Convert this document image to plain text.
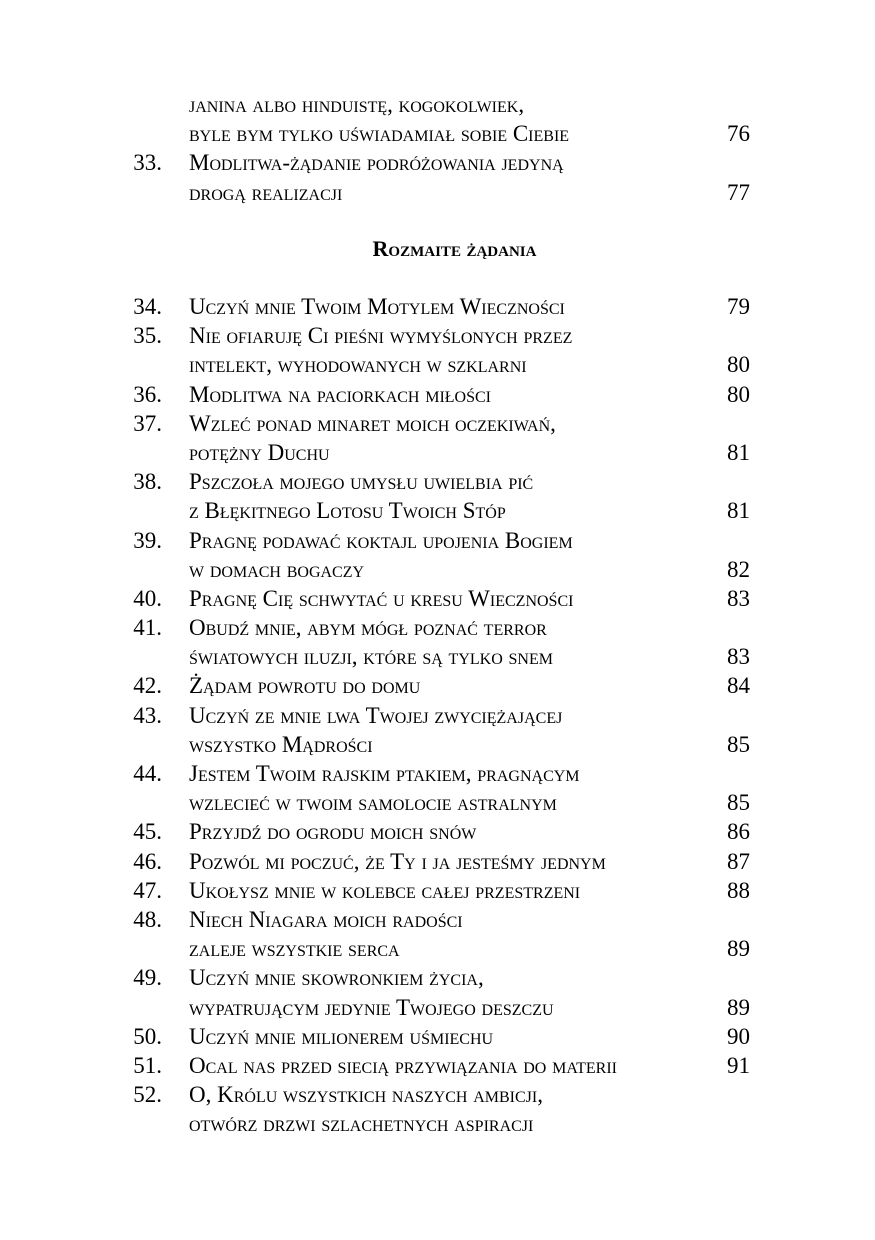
janina albo hinduistę, kogokolwiek,
byle bym tylko uświadamiał sobie Ciebie	76
33. Modlitwa-żądanie podróżowania jedyną
drogą realizacji	77
Rozmaite żądania
34. Uczyń mnie Twoim Motylem Wieczności	79
35. Nie ofiaruję Ci pieśni wymyślonych przez
intelekt, wyhodowanych w szklarni	80
36. Modlitwa na paciorkach miłości	80
37. Wzleć ponad minaret moich oczekiwań,
potężny Duchu	81
38. Pszczoła mojego umysłu uwielbia pić
z Błękitnego Lotosu Twoich Stóp	81
39. Pragnę podawać koktajl upojenia Bogiem
w domach bogaczy	82
40. Pragnę Cię schwytać u kresu Wieczności	83
41. Obudź mnie, abym mógł poznać terror
światowych iluzji, które są tylko snem	83
42. Żądam powrotu do domu	84
43. Uczyń ze mnie lwa Twojej zwyciężającej
wszystko Mądrości	85
44. Jestem Twoim rajskim ptakiem, pragnącym
wzlecieć w twoim samolocie astralnym	85
45. Przyjdź do ogrodu moich snów	86
46. Pozwól mi poczuć, że Ty i ja jesteśmy jednym	87
47. Ukołysz mnie w kolebce całej przestrzeni	88
48. Niech Niagara moich radości
zaleje wszystkie serca	89
49. Uczyń mnie skowronkiem życia,
wypatrującym jedynie Twojego deszczu	89
50. Uczyń mnie milionerem uśmiechu	90
51. Ocal nas przed siecią przywiązania do materii	91
52. O, Królu wszystkich naszych ambicji,
otwórz drzwi szlachetnych aspiracji
